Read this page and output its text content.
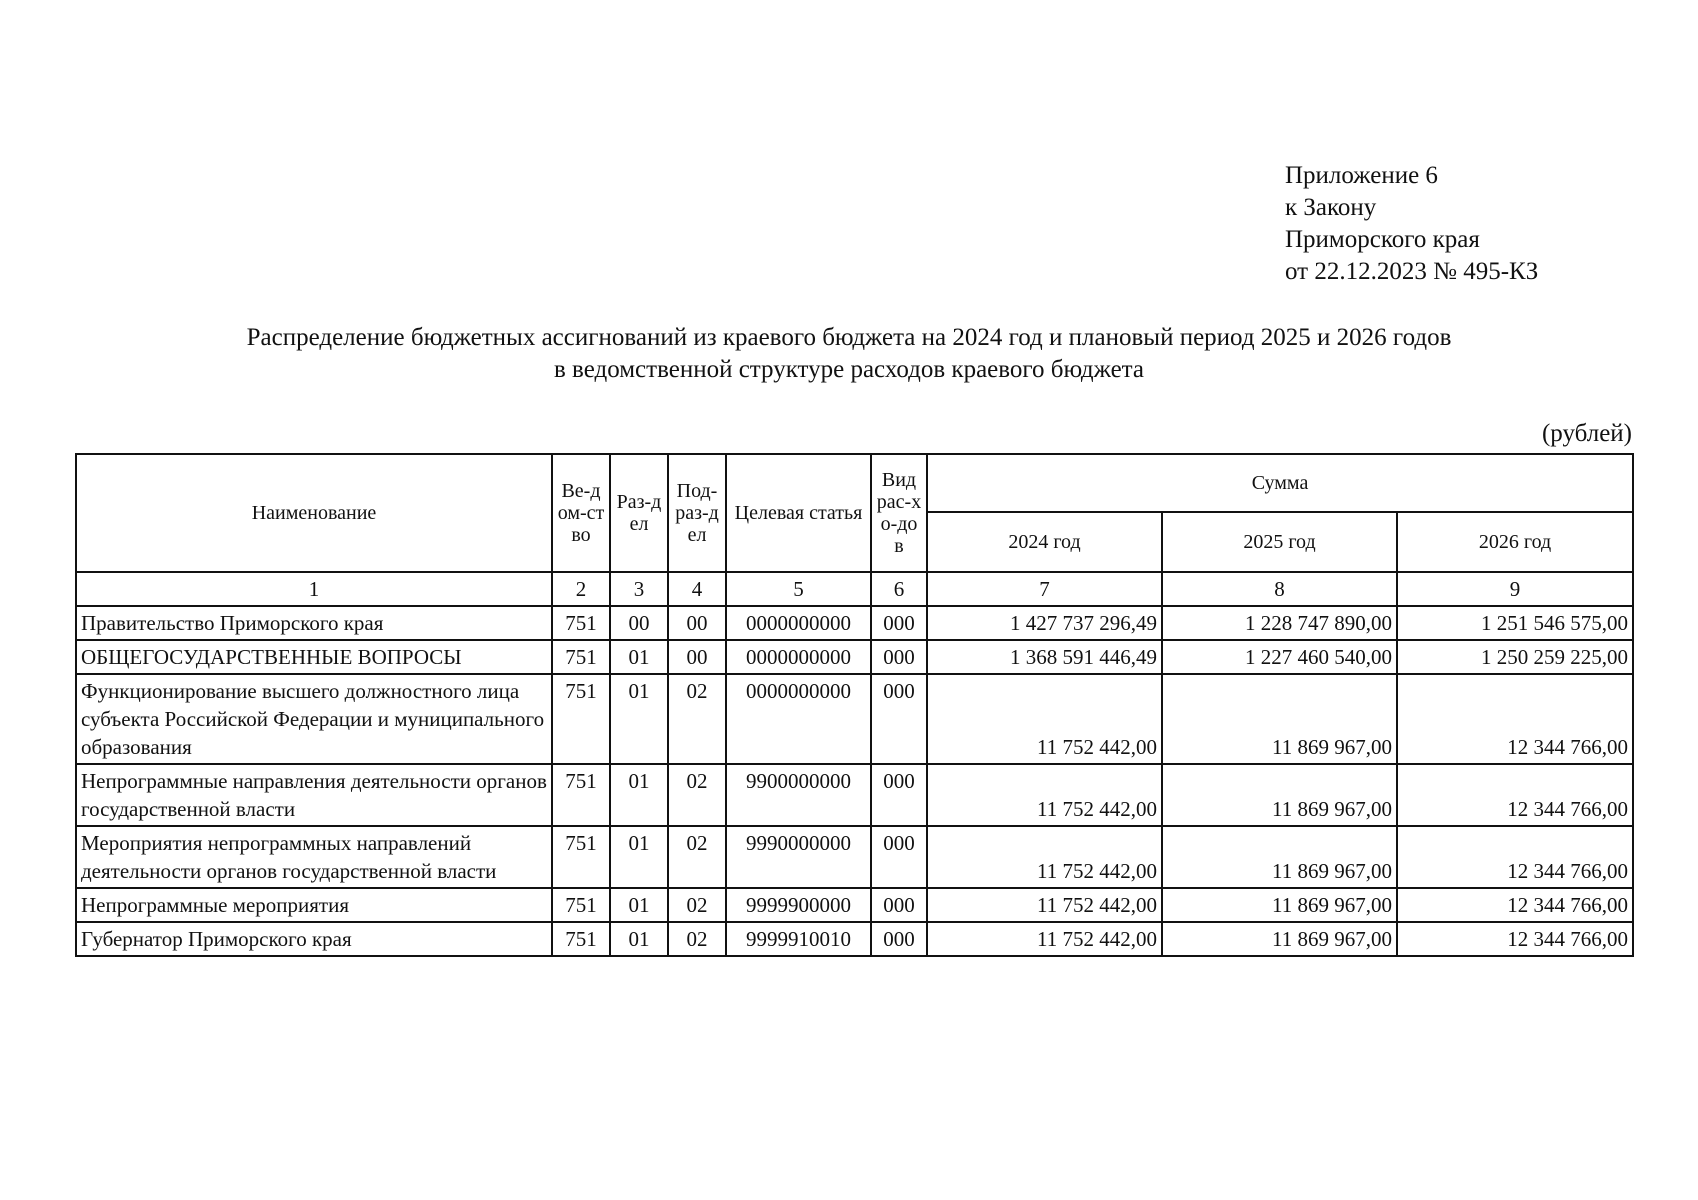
Приложение 6
к Закону
Приморского края
от 22.12.2023 № 495-КЗ
Распределение бюджетных ассигнований из краевого бюджета на 2024 год и плановый период 2025 и 2026 годов
в ведомственной структуре расходов краевого бюджета
(рублей)
Наименование	Ве-дом-ство	Раз-дел	Под-раз-дел	Целевая статья	Вид рас-хо-дов	Сумма		
						2024 год	2025 год	2026 год
1	2	3	4	5	6	7	8	9
Правительство Приморского края	751	00	00	0000000000	000	1 427 737 296,49	1 228 747 890,00	1 251 546 575,00
ОБЩЕГОСУДАРСТВЕННЫЕ ВОПРОСЫ	751	01	00	0000000000	000	1 368 591 446,49	1 227 460 540,00	1 250 259 225,00
Функционирование высшего должностного лица субъекта Российской Федерации и муниципального образования	751	01	02	0000000000	000	11 752 442,00	11 869 967,00	12 344 766,00
Непрограммные направления деятельности органов государственной власти	751	01	02	9900000000	000	11 752 442,00	11 869 967,00	12 344 766,00
Мероприятия непрограммных направлений деятельности органов государственной власти	751	01	02	9990000000	000	11 752 442,00	11 869 967,00	12 344 766,00
Непрограммные мероприятия	751	01	02	9999900000	000	11 752 442,00	11 869 967,00	12 344 766,00
Губернатор Приморского края	751	01	02	9999910010	000	11 752 442,00	11 869 967,00	12 344 766,00
